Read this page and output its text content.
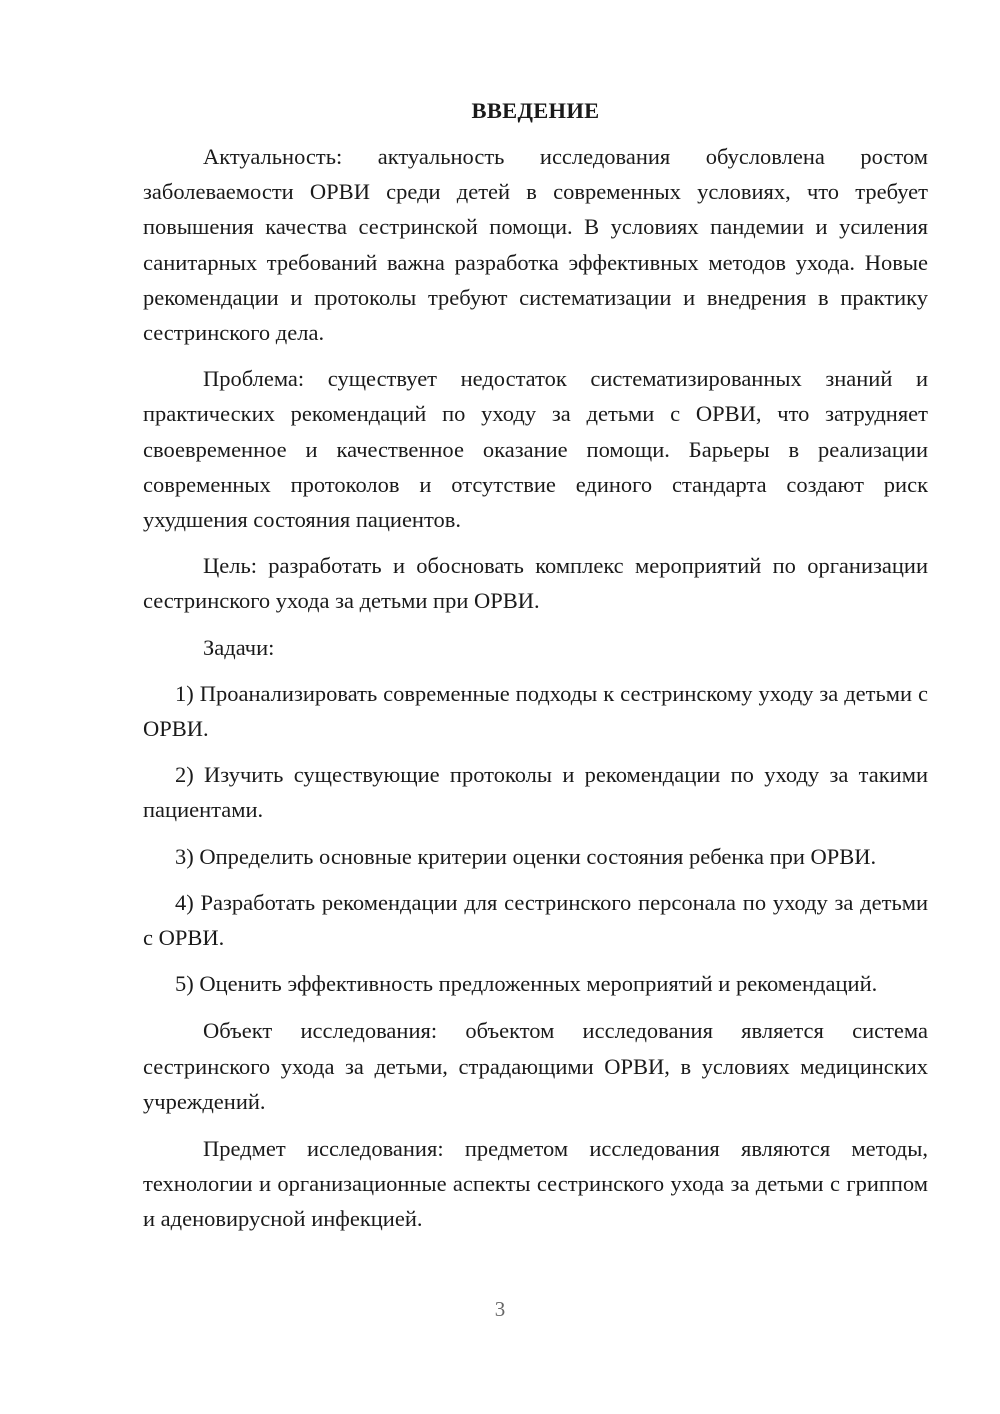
ВВЕДЕНИЕ

Актуальность: актуальность исследования обусловлена ростом заболеваемости ОРВИ среди детей в современных условиях, что требует повышения качества сестринской помощи. В условиях пандемии и усиления санитарных требований важна разработка эффективных методов ухода. Новые рекомендации и протоколы требуют систематизации и внедрения в практику сестринского дела.

Проблема: существует недостаток систематизированных знаний и практических рекомендаций по уходу за детьми с ОРВИ, что затрудняет своевременное и качественное оказание помощи. Барьеры в реализации современных протоколов и отсутствие единого стандарта создают риск ухудшения состояния пациентов.

Цель: разработать и обосновать комплекс мероприятий по организации сестринского ухода за детьми при ОРВИ.

Задачи:

1) Проанализировать современные подходы к сестринскому уходу за детьми с ОРВИ.

2) Изучить существующие протоколы и рекомендации по уходу за такими пациентами.

3) Определить основные критерии оценки состояния ребенка при ОРВИ.

4) Разработать рекомендации для сестринского персонала по уходу за детьми с ОРВИ.

5) Оценить эффективность предложенных мероприятий и рекомендаций.

Объект исследования: объектом исследования является система сестринского ухода за детьми, страдающими ОРВИ, в условиях медицинских учреждений.

Предмет исследования: предметом исследования являются методы, технологии и организационные аспекты сестринского ухода за детьми с гриппом и аденовирусной инфекцией.

3
